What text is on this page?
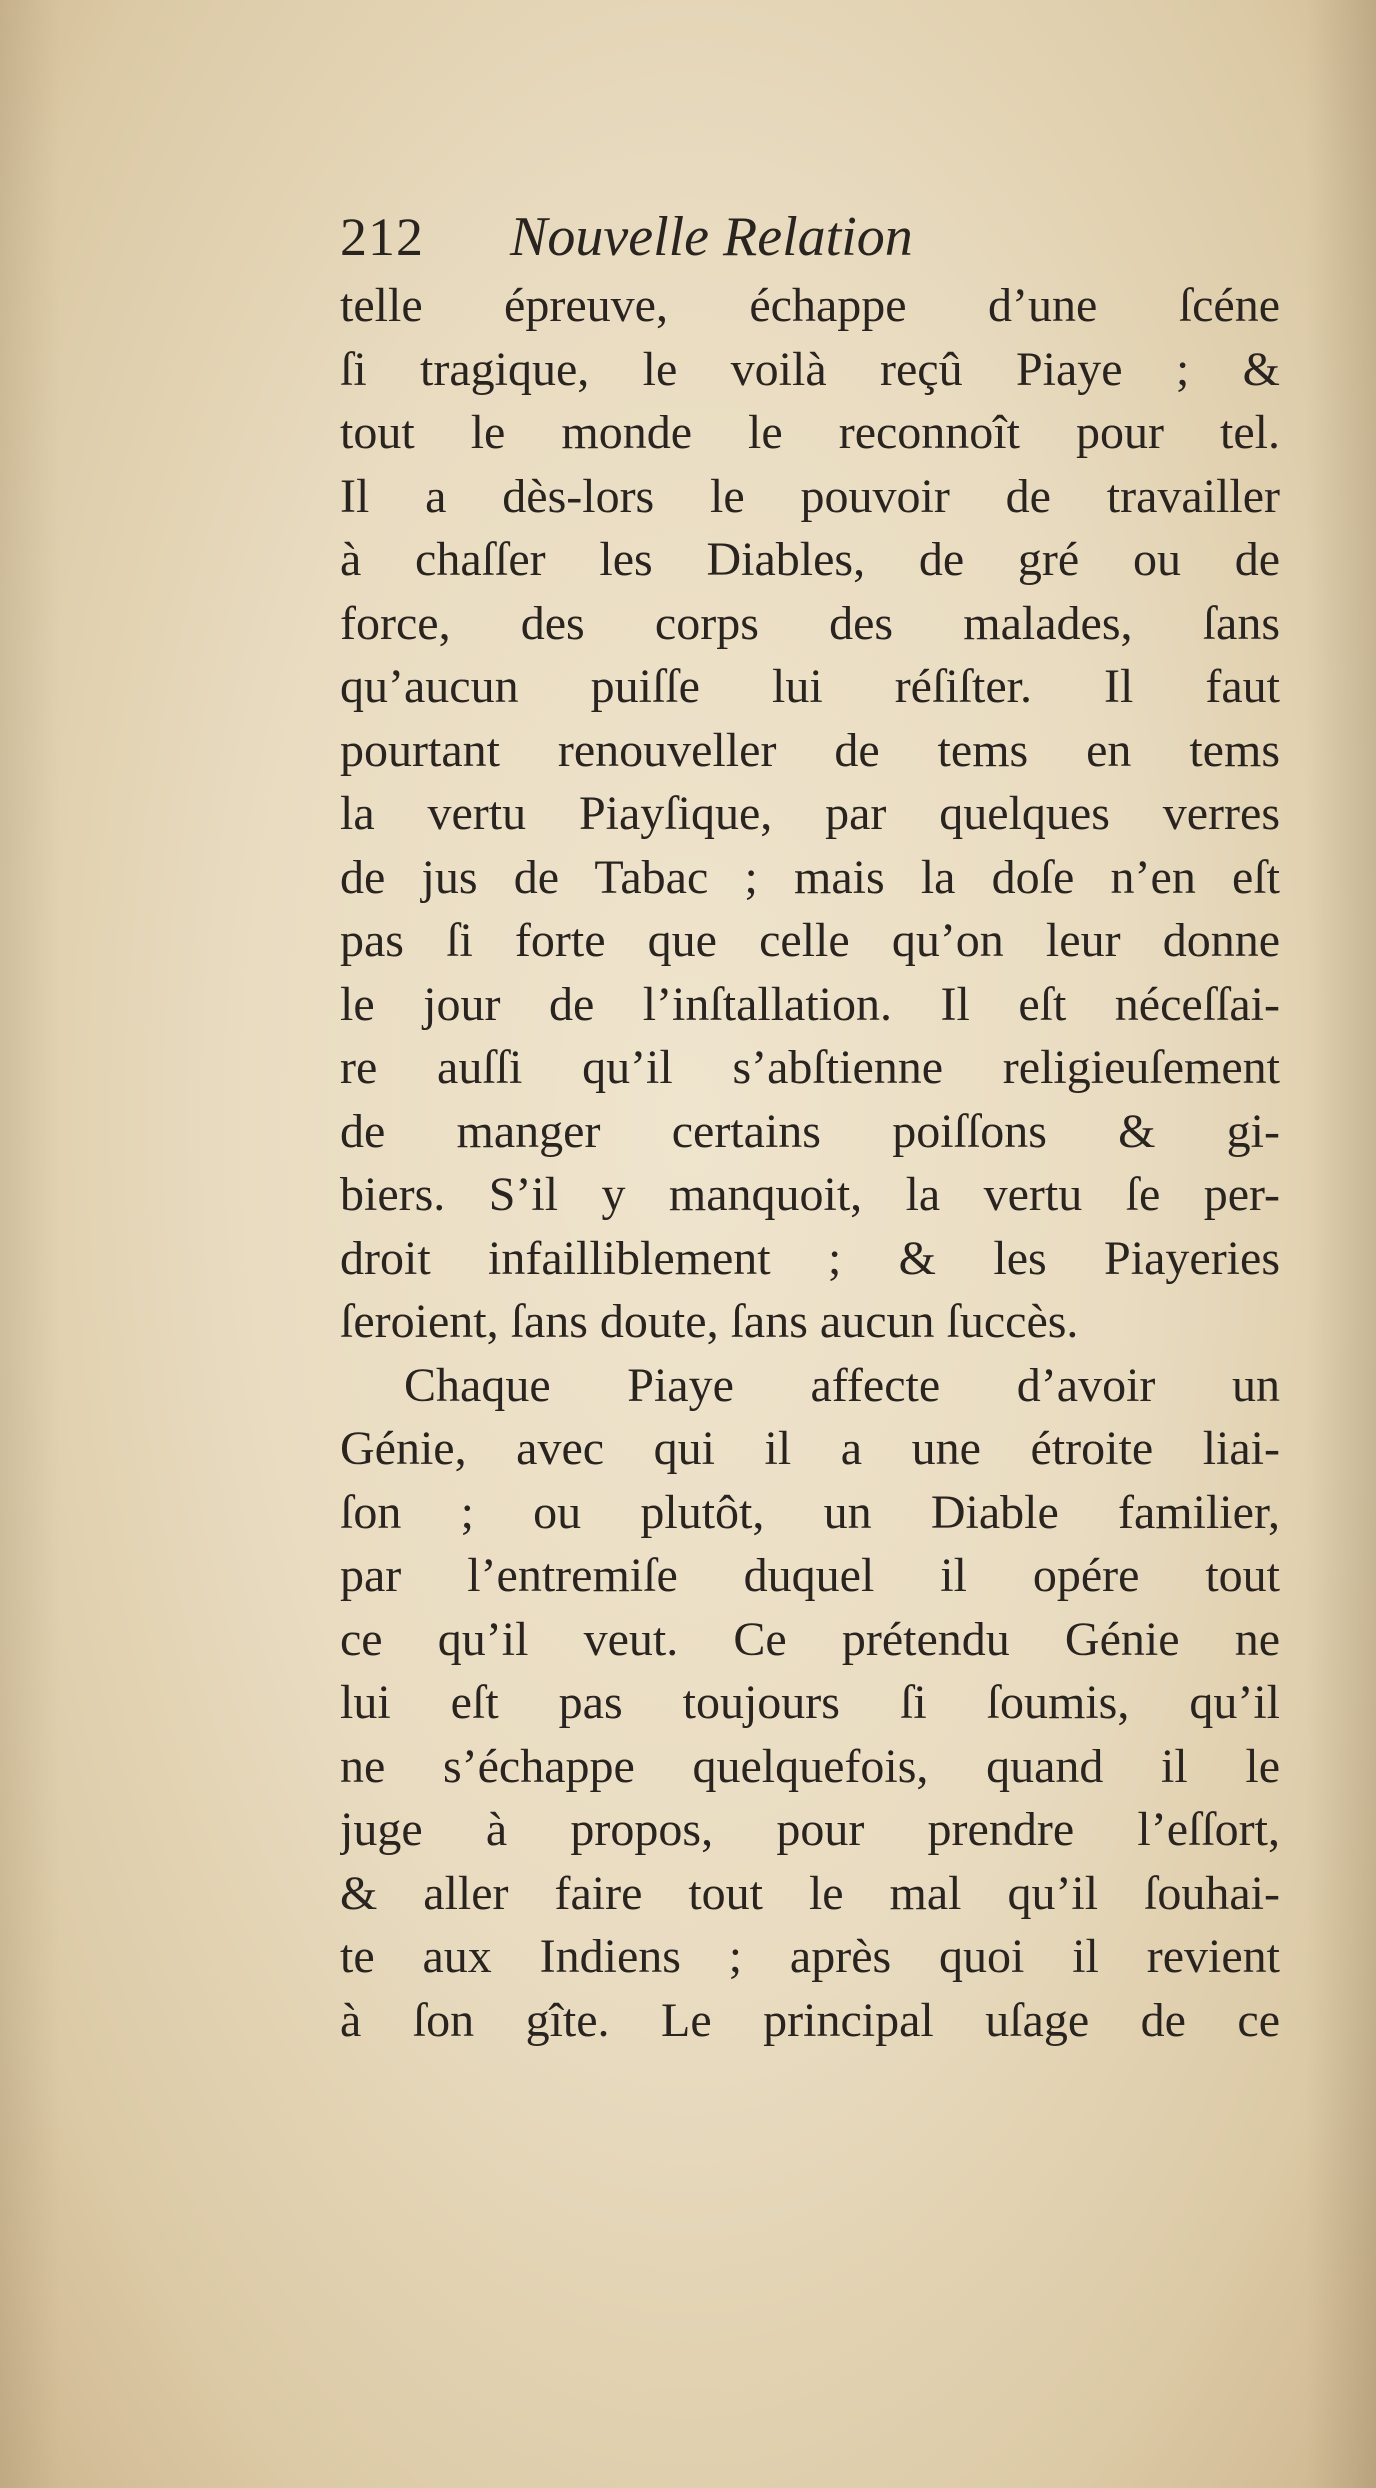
212 Nouvelle Relation
telle épreuve, échappe d’une ſcéne
ſi tragique, le voilà reçû Piaye ; &
tout le monde le reconnoît pour tel.
Il a dès-lors le pouvoir de travailler
à chaſſer les Diables, de gré ou de
force, des corps des malades, ſans
qu’aucun puiſſe lui réſiſter. Il faut
pourtant renouveller de tems en tems
la vertu Piayſique, par quelques verres
de jus de Tabac ; mais la doſe n’en eſt
pas ſi forte que celle qu’on leur donne
le jour de l’inſtallation. Il eſt néceſſai-
re auſſi qu’il s’abſtienne religieuſement
de manger certains poiſſons & gi-
biers. S’il y manquoit, la vertu ſe per-
droit infailliblement ; & les Piayeries
ſeroient, ſans doute, ſans aucun ſuccès.
Chaque Piaye affecte d’avoir un
Génie, avec qui il a une étroite liai-
ſon ; ou plutôt, un Diable familier,
par l’entremiſe duquel il opére tout
ce qu’il veut. Ce prétendu Génie ne
lui eſt pas toujours ſi ſoumis, qu’il
ne s’échappe quelquefois, quand il le
juge à propos, pour prendre l’eſſort,
& aller faire tout le mal qu’il ſouhai-
te aux Indiens ; après quoi il revient
à ſon gîte. Le principal uſage de ce
